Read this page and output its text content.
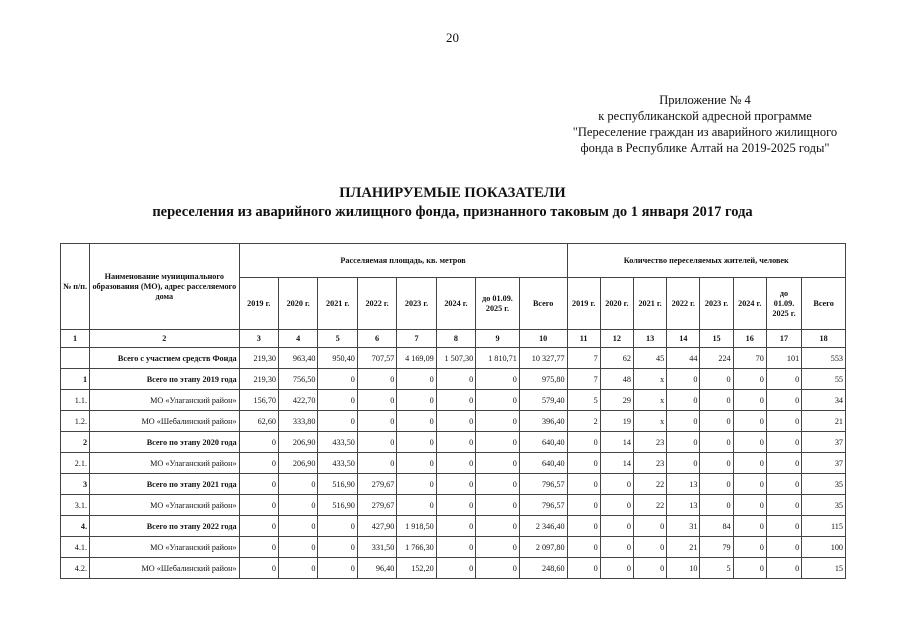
20
Приложение № 4
к республиканской адресной программе
"Переселение граждан из аварийного жилищного
фонда в Республике Алтай на 2019-2025 годы"
ПЛАНИРУЕМЫЕ ПОКАЗАТЕЛИ
переселения из аварийного жилищного фонда, признанного таковым до 1 января 2017 года
№ п/п.	Наименование муниципального образования (МО), адрес расселяемого дома	Расселяемая площадь, кв. метров								Количество переселяемых жителей, человек							
		2019 г.	2020 г.	2021 г.	2022 г.	2023 г.	2024 г.	до 01.09. 2025 г.	Всего	2019 г.	2020 г.	2021 г.	2022 г.	2023 г.	2024 г.	до 01.09. 2025 г.	Всего
1	2	3	4	5	6	7	8	9	10	11	12	13	14	15	16	17	18
	Всего с участием средств Фонда	219,30	963,40	950,40	707,57	4 169,09	1 507,30	1 810,71	10 327,77	7	62	45	44	224	70	101	553
1	Всего по этапу 2019 года	219,30	756,50	0	0	0	0	0	975,80	7	48	x	0	0	0	0	55
1.1.	МО «Улаганский район»	156,70	422,70	0	0	0	0	0	579,40	5	29	x	0	0	0	0	34
1.2.	МО «Шебалинский район»	62,60	333,80	0	0	0	0	0	396,40	2	19	x	0	0	0	0	21
2	Всего по этапу 2020 года	0	206,90	433,50	0	0	0	0	640,40	0	14	23	0	0	0	0	37
2.1.	МО «Улаганский район»	0	206,90	433,50	0	0	0	0	640,40	0	14	23	0	0	0	0	37
3	Всего по этапу 2021 года	0	0	516,90	279,67	0	0	0	796,57	0	0	22	13	0	0	0	35
3.1.	МО «Улаганский район»	0	0	516,90	279,67	0	0	0	796,57	0	0	22	13	0	0	0	35
4.	Всего по этапу 2022 года	0	0	0	427,90	1 918,50	0	0	2 346,40	0	0	0	31	84	0	0	115
4.1.	МО «Улаганский район»	0	0	0	331,50	1 766,30	0	0	2 097,80	0	0	0	21	79	0	0	100
4.2.	МО «Шебалинский район»	0	0	0	96,40	152,20	0	0	248,60	0	0	0	10	5	0	0	15
